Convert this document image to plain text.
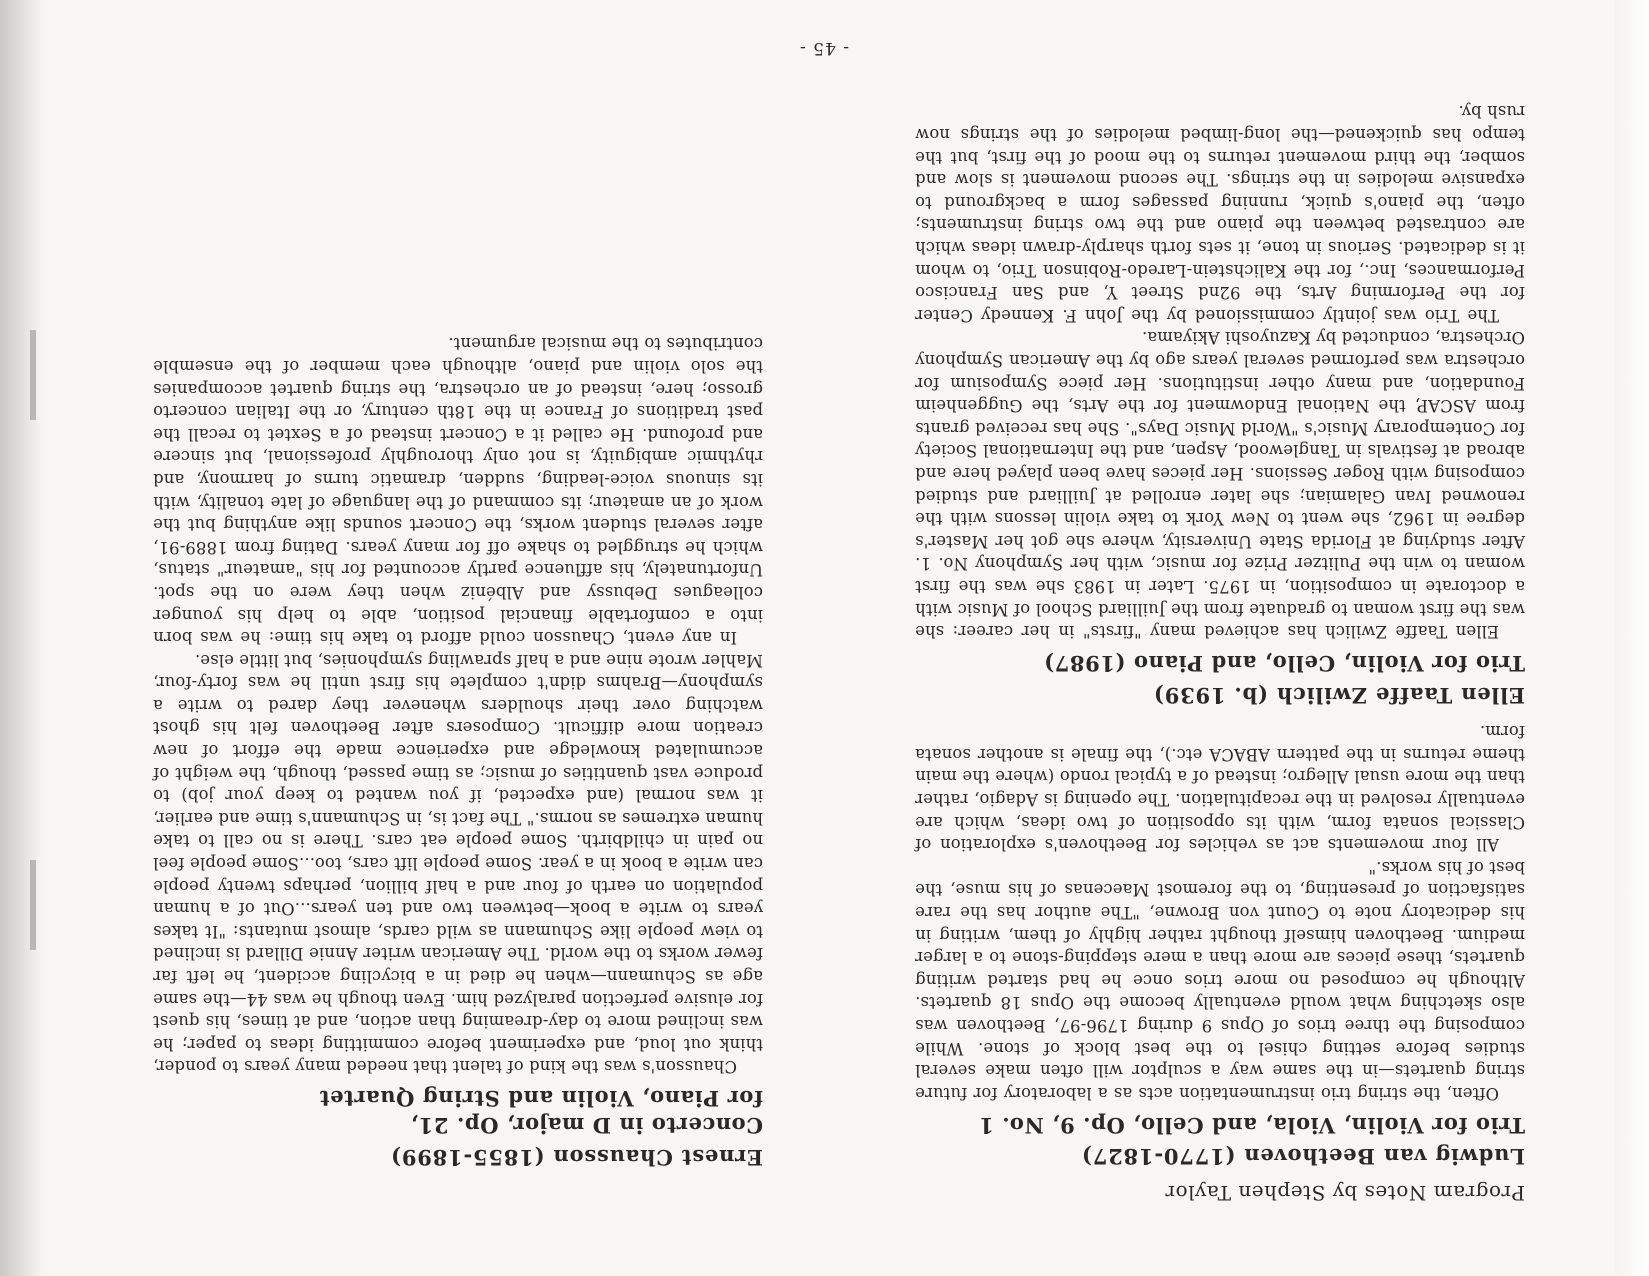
Program Notes by Stephen Taylor
Ludwig van Beethoven (1770-1827)
Trio for Violin, Viola, and Cello, Op. 9, No. 1

Often, the string trio instrumentation acts as a laboratory for future string quartets—in the same way a sculptor will often make several studies before setting chisel to the best block of stone. While composing the three trios of Opus 9 during 1796-97, Beethoven was also sketching what would eventually become the Opus 18 quartets. Although he composed no more trios once he had started writing quartets, these pieces are more than a mere stepping-stone to a larger medium. Beethoven himself thought rather highly of them, writing in his dedicatory note to Count von Browne, "The author has the rare satisfaction of presenting, to the foremost Maecenas of his muse, the best of his works."

All four movements act as vehicles for Beethoven's exploration of Classical sonata form, with its opposition of two ideas, which are eventually resolved in the recapitulation. The opening is Adagio, rather than the more usual Allegro; instead of a typical rondo (where the main theme returns in the pattern ABACA etc.), the finale is another sonata form.

Ellen Taaffe Zwilich (b. 1939)
Trio for Violin, Cello, and Piano (1987)

Ellen Taaffe Zwilich has achieved many "firsts" in her career: she was the first woman to graduate from the Juilliard School of Music with a doctorate in composition, in 1975. Later in 1983 she was the first woman to win the Pulitzer Prize for music, with her Symphony No. 1. After studying at Florida State University, where she got her Master's degree in 1962, she went to New York to take violin lessons with the renowned Ivan Galamian; she later enrolled at Juilliard and studied composing with Roger Sessions. Her pieces have been played here and abroad at festivals in Tanglewood, Aspen, and the International Society for Contemporary Music's "World Music Days". She has received grants from ASCAP, the National Endowment for the Arts, the Guggenheim Foundation, and many other institutions. Her piece Symposium for orchestra was performed several years ago by the American Symphony Orchestra, conducted by Kazuyoshi Akiyama.

The Trio was jointly commissioned by the John F. Kennedy Center for the Performing Arts, the 92nd Street Y, and San Francisco Performances, Inc., for the Kalichstein-Laredo-Robinson Trio, to whom it is dedicated. Serious in tone, it sets forth sharply-drawn ideas which are contrasted between the piano and the two string instruments; often, the piano's quick, running passages form a background to expansive melodies in the strings. The second movement is slow and somber, the third movement returns to the mood of the first, but the tempo has quickened—the long-limbed melodies of the strings now rush by.

Ernest Chausson (1855-1899)
Concerto in D major, Op. 21,
for Piano, Violin and String Quartet

Chausson's was the kind of talent that needed many years to ponder, think out loud, and experiment before committing ideas to paper; he was inclined more to day-dreaming than action, and at times, his quest for elusive perfection paralyzed him. Even though he was 44—the same age as Schumann—when he died in a bicycling accident, he left far fewer works to the world. The American writer Annie Dillard is inclined to view people like Schumann as wild cards, almost mutants: "It takes years to write a book—between two and ten years...Out of a human population on earth of four and a half billion, perhaps twenty people can write a book in a year. Some people lift cars, too...Some people feel no pain in childbirth. Some people eat cars. There is no call to take human extremes as norms." The fact is, in Schumann's time and earlier, it was normal (and expected, if you wanted to keep your job) to produce vast quantities of music; as time passed, though, the weight of accumulated knowledge and experience made the effort of new creation more difficult. Composers after Beethoven felt his ghost watching over their shoulders whenever they dared to write a symphony—Brahms didn't complete his first until he was forty-four, Mahler wrote nine and a half sprawling symphonies, but little else.

In any event, Chausson could afford to take his time: he was born into a comfortable financial position, able to help his younger colleagues Debussy and Albéniz when they were on the spot. Unfortunately, his affluence partly accounted for his "amateur" status, which he struggled to shake off for many years. Dating from 1889-91, after several student works, the Concert sounds like anything but the work of an amateur; its command of the language of late tonality, with its sinuous voice-leading, sudden, dramatic turns of harmony, and rhythmic ambiguity, is not only thoroughly professional, but sincere and profound. He called it a Concert instead of a Sextet to recall the past traditions of France in the 18th century, or the Italian concerto grosso; here, instead of an orchestra, the string quartet accompanies the solo violin and piano, although each member of the ensemble contributes to the musical argument.

- 45 -
